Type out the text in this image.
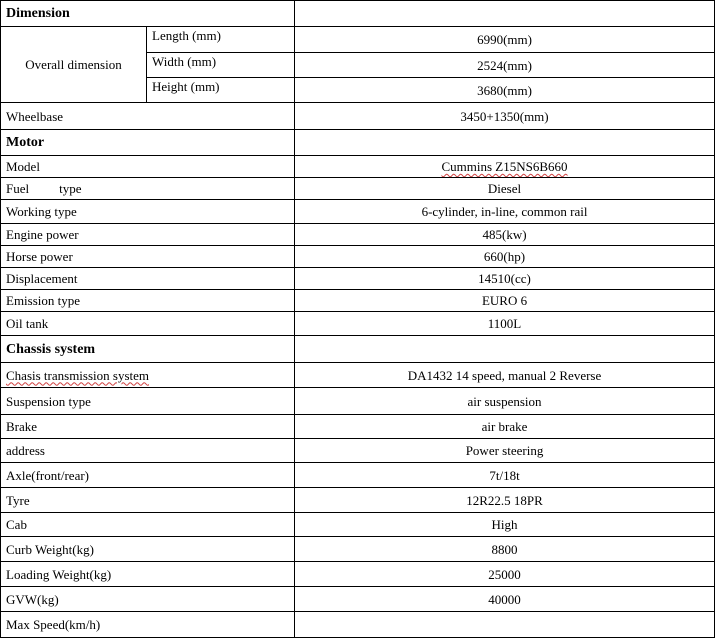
Dimension		
Overall dimension	Length (mm)	6990(mm)
	Width (mm)	2524(mm)
	Height (mm)	3680(mm)
Wheelbase		3450+1350(mm)
Motor		
Model		Cummins Z15NS6B660
Fuel type		Diesel
Working type		6-cylinder, in-line, common rail
Engine power		485(kw)
Horse power		660(hp)
Displacement		14510(cc)
Emission type		EURO 6
Oil tank		1100L
Chassis system		
Chasis transmission system		DA1432 14 speed, manual 2 Reverse
Suspension type		air suspension
Brake		air brake
address		Power steering
Axle(front/rear)		7t/18t
Tyre		12R22.5 18PR
Cab		High
Curb Weight(kg)		8800
Loading Weight(kg)		25000
GVW(kg)		40000
Max Speed(km/h)		
